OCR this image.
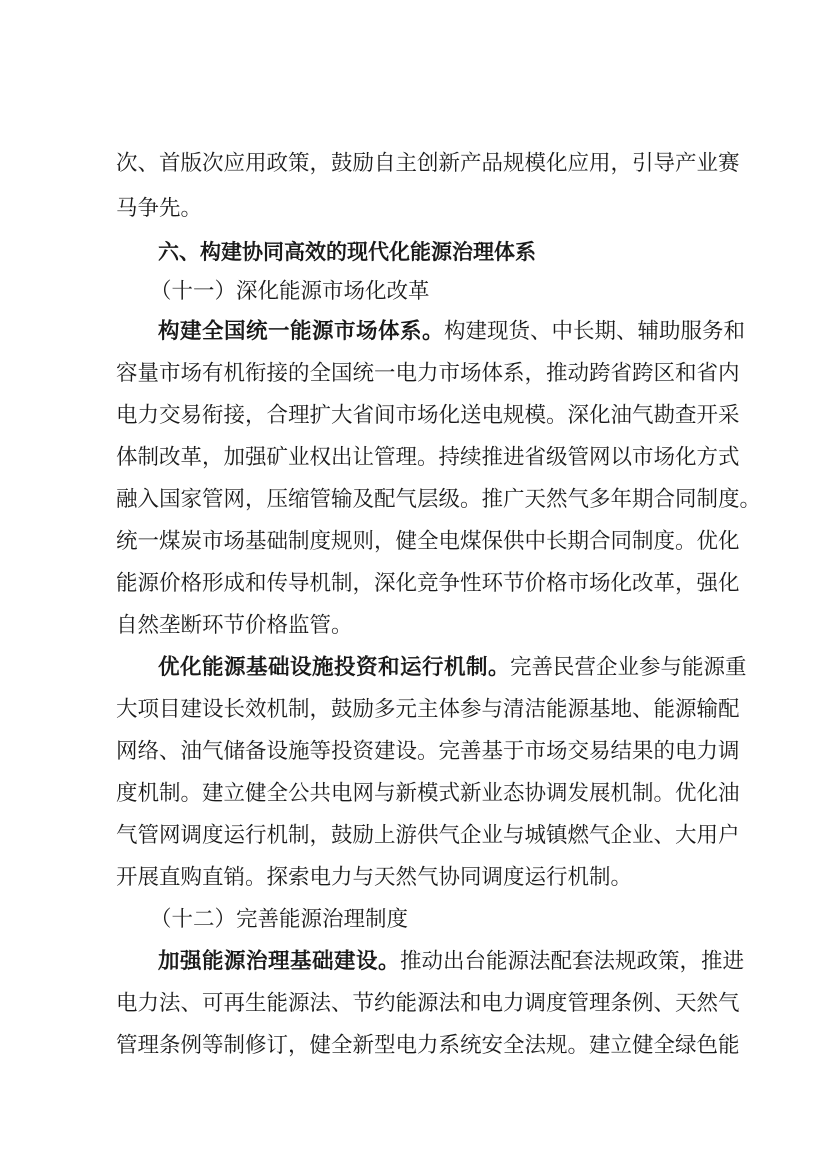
次、首版次应用政策，鼓励自主创新产品规模化应用，引导产业赛
马争先。
六、构建协同高效的现代化能源治理体系
（十一）深化能源市场化改革
构建全国统一能源市场体系。构建现货、中长期、辅助服务和
容量市场有机衔接的全国统一电力市场体系，推动跨省跨区和省内
电力交易衔接，合理扩大省间市场化送电规模。深化油气勘查开采
体制改革，加强矿业权出让管理。持续推进省级管网以市场化方式
融入国家管网，压缩管输及配气层级。推广天然气多年期合同制度。
统一煤炭市场基础制度规则，健全电煤保供中长期合同制度。优化
能源价格形成和传导机制，深化竞争性环节价格市场化改革，强化
自然垄断环节价格监管。
优化能源基础设施投资和运行机制。完善民营企业参与能源重
大项目建设长效机制，鼓励多元主体参与清洁能源基地、能源输配
网络、油气储备设施等投资建设。完善基于市场交易结果的电力调
度机制。建立健全公共电网与新模式新业态协调发展机制。优化油
气管网调度运行机制，鼓励上游供气企业与城镇燃气企业、大用户
开展直购直销。探索电力与天然气协同调度运行机制。
（十二）完善能源治理制度
加强能源治理基础建设。推动出台能源法配套法规政策，推进
电力法、可再生能源法、节约能源法和电力调度管理条例、天然气
管理条例等制修订，健全新型电力系统安全法规。建立健全绿色能
